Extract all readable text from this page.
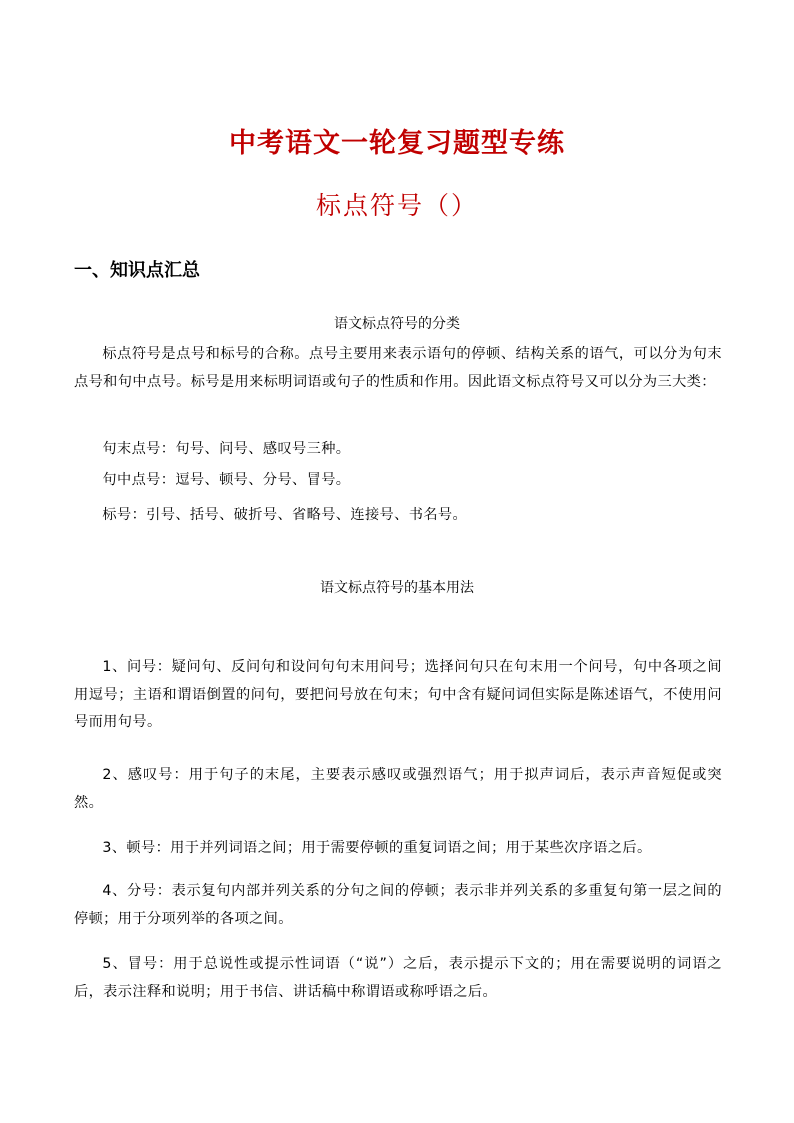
中考语文一轮复习题型专练
标点符号（）
一、知识点汇总
语文标点符号的分类
标点符号是点号和标号的合称。点号主要用来表示语句的停顿、结构关系的语气，可以分为句末点号和句中点号。标号是用来标明词语或句子的性质和作用。因此语文标点符号又可以分为三大类：
句末点号：句号、问号、感叹号三种。
句中点号：逗号、顿号、分号、冒号。
标号：引号、括号、破折号、省略号、连接号、书名号。
语文标点符号的基本用法
1、问号：疑问句、反问句和设问句句末用问号；选择问句只在句末用一个问号，句中各项之间用逗号；主语和谓语倒置的问句，要把问号放在句末；句中含有疑问词但实际是陈述语气，不使用问号而用句号。
2、感叹号：用于句子的末尾，主要表示感叹或强烈语气；用于拟声词后，表示声音短促或突然。
3、顿号：用于并列词语之间；用于需要停顿的重复词语之间；用于某些次序语之后。
4、分号：表示复句内部并列关系的分句之间的停顿；表示非并列关系的多重复句第一层之间的停顿；用于分项列举的各项之间。
5、冒号：用于总说性或提示性词语（“说”）之后，表示提示下文的；用在需要说明的词语之后，表示注释和说明；用于书信、讲话稿中称谓语或称呼语之后。
